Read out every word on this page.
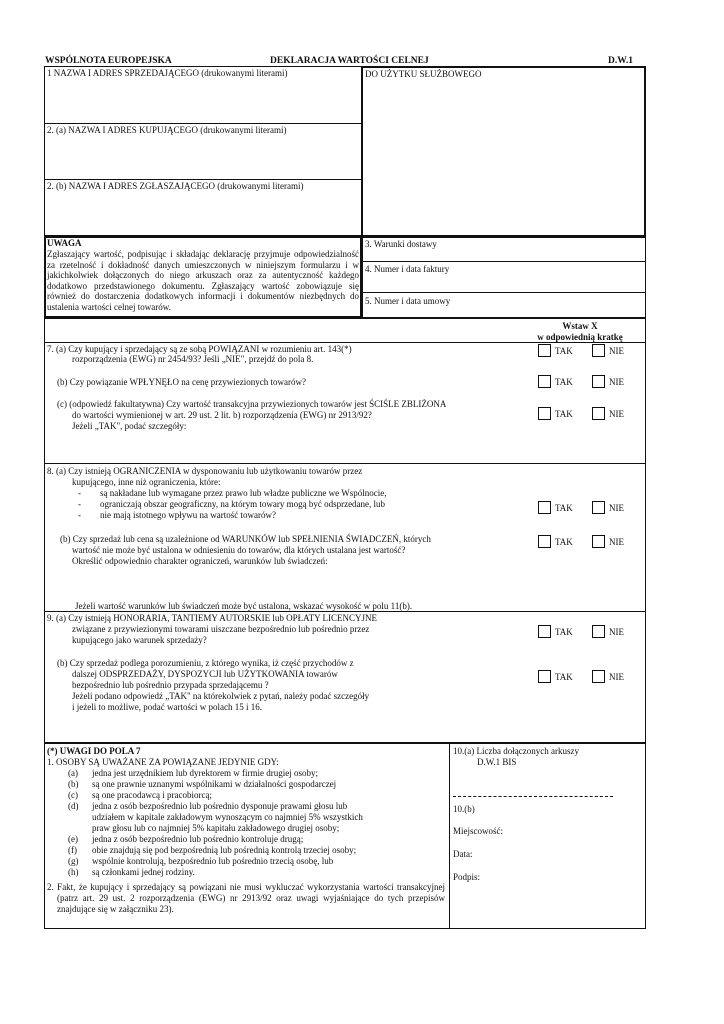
WSPÓLNOTA EUROPEJSKA	DEKLARACJA WARTOŚCI CELNEJ	D.W.1
1 NAZWA I ADRES SPRZEDAJĄCEGO (drukowanymi literami)
2. (a) NAZWA I ADRES KUPUJĄCEGO (drukowanymi literami)
2. (b) NAZWA I ADRES ZGŁASZAJĄCEGO (drukowanymi literami)
DO UŻYTKU SŁUŻBOWEGO
UWAGA
Zgłaszający wartość, podpisując i składając deklarację przyjmuje odpowiedzialność za rzetelność i dokładność danych umieszczonych w niniejszym formularzu i w jakichkolwiek dołączonych do niego arkuszach oraz za autentyczność każdego dodatkowo przedstawionego dokumentu. Zgłaszający wartość zobowiązuje się również do dostarczenia dodatkowych informacji i dokumentów niezbędnych do ustalenia wartości celnej towarów.
3. Warunki dostawy
4. Numer i data faktury
5. Numer i data umowy
Wstaw X
w odpowiednią kratkę
7. (a) Czy kupujący i sprzedający są ze sobą POWIĄZANI w rozumieniu art. 143(*)
rozporządzenia (EWG) nr 2454/93? Jeśli „NIE", przejdź do pola 8.
TAK	NIE
(b) Czy powiązanie WPŁYNĘŁO na cenę przywiezionych towarów?	TAK	NIE
(c) (odpowiedź fakultatywna) Czy wartość transakcyjna przywiezionych towarów jest ŚCIŚLE ZBLIŻONA
do wartości wymienionej w art. 29 ust. 2 lit. b) rozporządzenia (EWG) nr 2913/92?
Jeżeli „TAK", podać szczegóły:
TAK	NIE
8. (a) Czy istnieją OGRANICZENIA w dysponowaniu lub użytkowaniu towarów przez
kupującego, inne niż ograniczenia, które:
- są nakładane lub wymagane przez prawo lub władze publiczne we Wspólnocie,
- ograniczają obszar geograficzny, na którym towary mogą być odsprzedane, lub
- nie mają istotnego wpływu na wartość towarów?
TAK	NIE
(b) Czy sprzedaż lub cena są uzależnione od WARUNKÓW lub SPEŁNIENIA ŚWIADCZEŃ, których
wartość nie może być ustalona w odniesieniu do towarów, dla których ustalana jest wartość?
Określić odpowiednio charakter ograniczeń, warunków lub świadczeń:
TAK	NIE
Jeżeli wartość warunków lub świadczeń może być ustalona, wskazać wysokość w polu 11(b).
9. (a) Czy istnieją HONORARIA, TANTIEMY AUTORSKIE lub OPŁATY LICENCYJNE
związane z przywiezionymi towarami uiszczane bezpośrednio lub pośrednio przez
kupującego jako warunek sprzedaży?
TAK	NIE
(b) Czy sprzedaż podlega porozumieniu, z którego wynika, iż część przychodów z
dalszej ODSPRZEDAŻY, DYSPOZYCJI lub UŻYTKOWANIA towarów
bezpośrednio lub pośrednio przypada sprzedającemu ?
Jeżeli podano odpowiedź „TAK" na którekolwiek z pytań, należy podać szczegóły
i jeżeli to możliwe, podać wartości w polach 15 i 16.
TAK	NIE
(*) UWAGI DO POLA 7
1. OSOBY SĄ UWAŻANE ZA POWIĄZANE JEDYNIE GDY:
(a) jedna jest urzędnikiem lub dyrektorem w firmie drugiej osoby;
(b) są one prawnie uznanymi wspólnikami w działalności gospodarczej
(c) są one pracodawcą i pracobiorcą;
(d) jedna z osób bezpośrednio lub pośrednio dysponuje prawami głosu lub
udziałem w kapitale zakładowym wynoszącym co najmniej 5% wszystkich
praw głosu lub co najmniej 5% kapitału zakładowego drugiej osoby;
(e) jedna z osób bezpośrednio lub pośrednio kontroluje drugą;
(f) obie znajdują się pod bezpośrednią lub pośrednią kontrolą trzeciej osoby;
(g) wspólnie kontrolują, bezpośrednio lub pośrednio trzecią osobę, lub
(h) są członkami jednej rodziny.
2. Fakt, że kupujący i sprzedający są powiązani nie musi wykluczać wykorzystania wartości transakcyjnej (patrz art. 29 ust. 2 rozporządzenia (EWG) nr 2913/92 oraz uwagi wyjaśniające do tych przepisów znajdujące się w załączniku 23).
10.(a) Liczba dołączonych arkuszy
D.W.1 BIS
10.(b)
Miejscowość:
Data:
Podpis:
